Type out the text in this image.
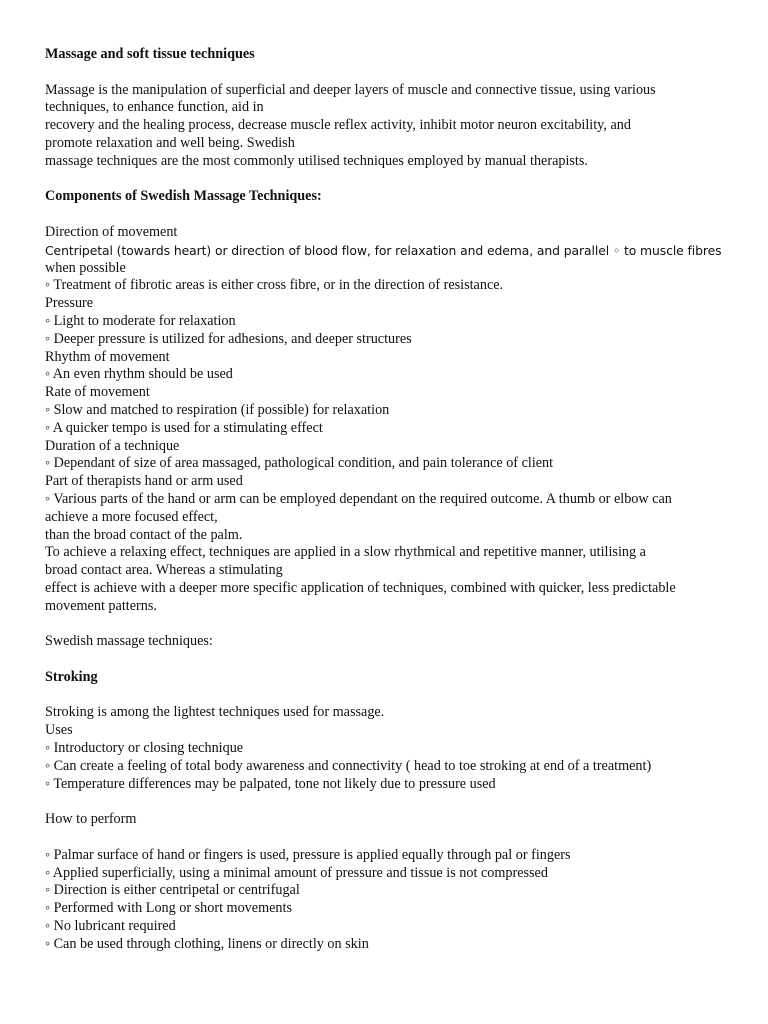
Massage and soft tissue techniques
Massage is the manipulation of superficial and deeper layers of muscle and connective tissue, using various
techniques, to enhance function, aid in
recovery and the healing process, decrease muscle reflex activity, inhibit motor neuron excitability, and
promote relaxation and well being. Swedish
massage techniques are the most commonly utilised techniques employed by manual therapists.
Components of Swedish Massage Techniques:
Direction of movement
Centripetal (towards heart) or direction of blood flow, for relaxation and edema, and parallel ◦ to muscle fibres
when possible
◦ Treatment of fibrotic areas is either cross fibre, or in the direction of resistance.
Pressure
◦ Light to moderate for relaxation
◦ Deeper pressure is utilized for adhesions, and deeper structures
Rhythm of movement
◦ An even rhythm should be used
Rate of movement
◦ Slow and matched to respiration (if possible) for relaxation
◦ A quicker tempo is used for a stimulating effect
Duration of a technique
◦ Dependant of size of area massaged, pathological condition, and pain tolerance of client
Part of therapists hand or arm used
◦ Various parts of the hand or arm can be employed dependant on the required outcome. A thumb or elbow can
achieve a more focused effect,
than the broad contact of the palm.
To achieve a relaxing effect, techniques are applied in a slow rhythmical and repetitive manner, utilising a
broad contact area. Whereas a stimulating
effect is achieve with a deeper more specific application of techniques, combined with quicker, less predictable
movement patterns.
Swedish massage techniques:
Stroking
Stroking is among the lightest techniques used for massage.
Uses
◦ Introductory or closing technique
◦ Can create a feeling of total body awareness and connectivity ( head to toe stroking at end of a treatment)
◦ Temperature differences may be palpated, tone not likely due to pressure used
How to perform
◦ Palmar surface of hand or fingers is used, pressure is applied equally through pal or fingers
◦ Applied superficially, using a minimal amount of pressure and tissue is not compressed
◦ Direction is either centripetal or centrifugal
◦ Performed with Long or short movements
◦ No lubricant required
◦ Can be used through clothing, linens or directly on skin
